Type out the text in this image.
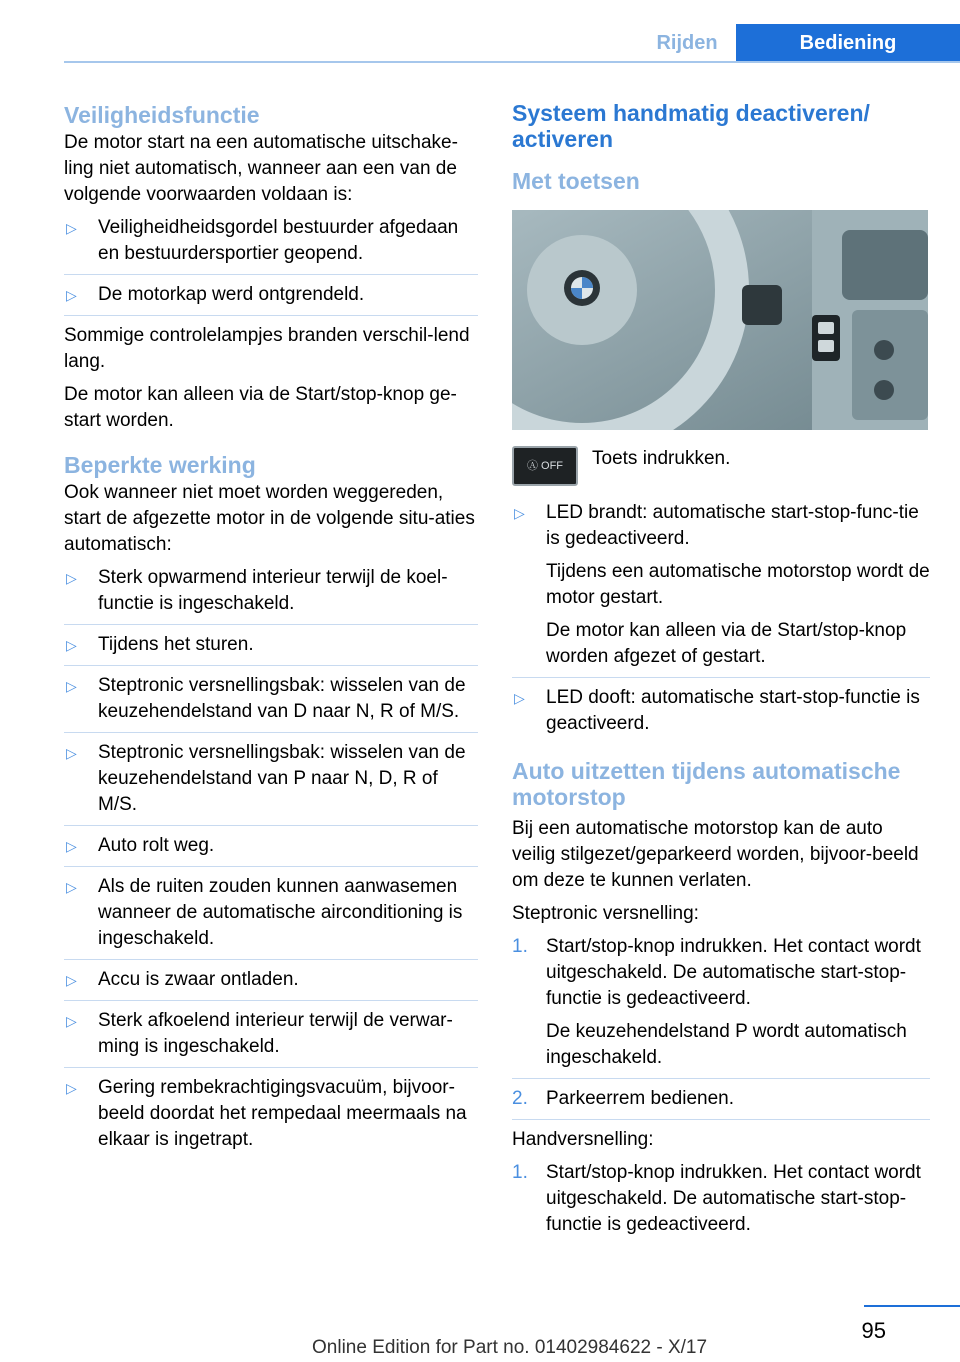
Rijden	Bediening
Veiligheidsfunctie

De motor start na een automatische uitschake-ling niet automatisch, wanneer aan een van de volgende voorwaarden voldaan is:

▷ Veiligheidheidsgordel bestuurder afgedaan en bestuurdersportier geopend.
▷ De motorkap werd ontgrendeld.

Sommige controlelampjes branden verschil-lend lang.

De motor kan alleen via de Start/stop-knop ge-start worden.

Beperkte werking

Ook wanneer niet moet worden weggereden, start de afgezette motor in de volgende situ-aties automatisch:

▷ Sterk opwarmend interieur terwijl de koel-functie is ingeschakeld.
▷ Tijdens het sturen.
▷ Steptronic versnellingsbak: wisselen van de keuzehendelstand van D naar N, R of M/S.
▷ Steptronic versnellingsbak: wisselen van de keuzehendelstand van P naar N, D, R of M/S.
▷ Auto rolt weg.
▷ Als de ruiten zouden kunnen aanwasemen wanneer de automatische airconditioning is ingeschakeld.
▷ Accu is zwaar ontladen.
▷ Sterk afkoelend interieur terwijl de verwar-ming is ingeschakeld.
▷ Gering rembekrachtigingsvacuüm, bijvoor-beeld doordat het rempedaal meermaals na elkaar is ingetrapt.
Systeem handmatig deactiveren/ activeren
Met toetsen
Ⓐ OFF Toets indrukken.
▷ LED brandt: automatische start-stop-func-tie is gedeactiveerd.
Tijdens een automatische motorstop wordt de motor gestart.
De motor kan alleen via de Start/stop-knop worden afgezet of gestart.
▷ LED dooft: automatische start-stop-functie is geactiveerd.
Auto uitzetten tijdens automatische motorstop

Bij een automatische motorstop kan de auto veilig stilgezet/geparkeerd worden, bijvoor-beeld om deze te kunnen verlaten.

Steptronic versnelling:

1. Start/stop-knop indrukken. Het contact wordt uitgeschakeld. De automatische start-stop-functie is gedeactiveerd.
De keuzehendelstand P wordt automatisch ingeschakeld.
2. Parkeerrem bedienen.

Handversnelling:

1. Start/stop-knop indrukken. Het contact wordt uitgeschakeld. De automatische start-stop-functie is gedeactiveerd.
95
Online Edition for Part no. 01402984622 - X/17
